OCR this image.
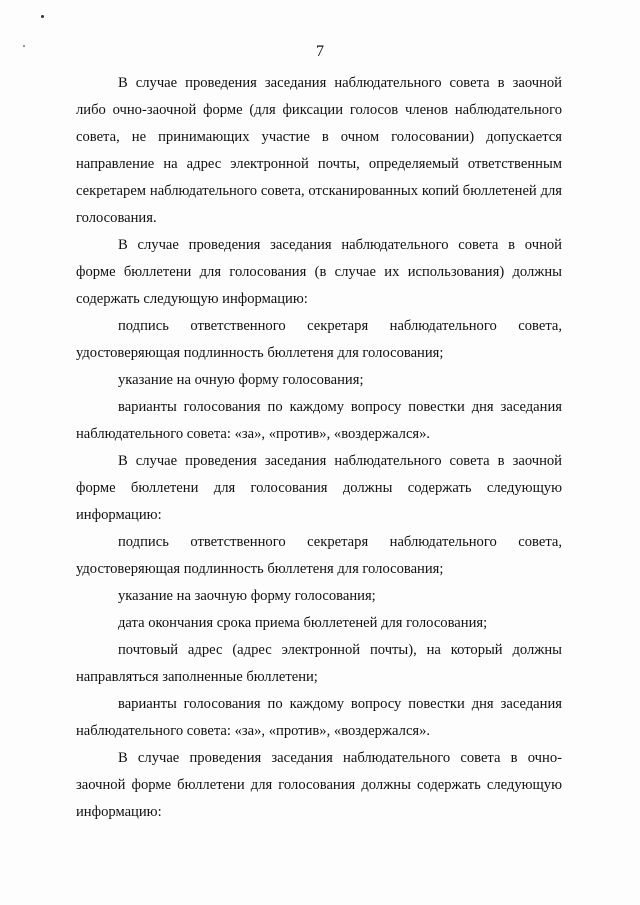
7

В случае проведения заседания наблюдательного совета в заочной либо очно-заочной форме (для фиксации голосов членов наблюдательного совета, не принимающих участие в очном голосовании) допускается направление на адрес электронной почты, определяемый ответственным секретарем наблюдательного совета, отсканированных копий бюллетеней для голосования.

В случае проведения заседания наблюдательного совета в очной форме бюллетени для голосования (в случае их использования) должны содержать следующую информацию:

подпись ответственного секретаря наблюдательного совета, удостоверяющая подлинность бюллетеня для голосования;

указание на очную форму голосования;

варианты голосования по каждому вопросу повестки дня заседания наблюдательного совета: «за», «против», «воздержался».

В случае проведения заседания наблюдательного совета в заочной форме бюллетени для голосования должны содержать следующую информацию:

подпись ответственного секретаря наблюдательного совета, удостоверяющая подлинность бюллетеня для голосования;

указание на заочную форму голосования;

дата окончания срока приема бюллетеней для голосования;

почтовый адрес (адрес электронной почты), на который должны направляться заполненные бюллетени;

варианты голосования по каждому вопросу повестки дня заседания наблюдательного совета: «за», «против», «воздержался».

В случае проведения заседания наблюдательного совета в очно-заочной форме бюллетени для голосования должны содержать следующую информацию:
